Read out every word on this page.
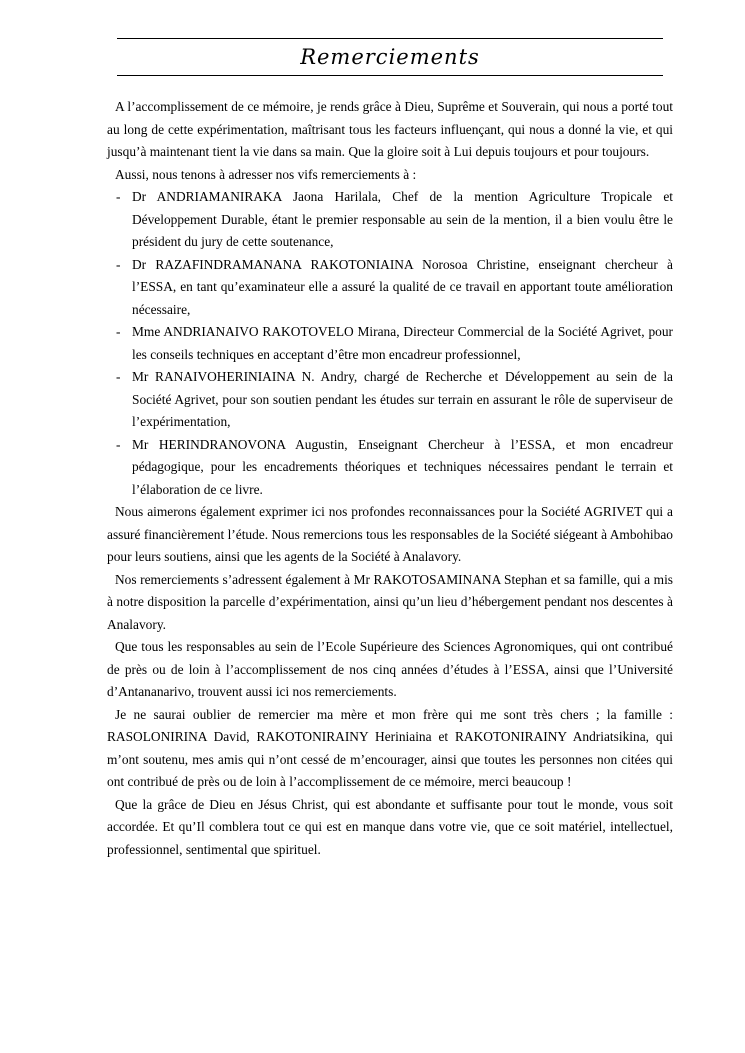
Remerciements

A l’accomplissement de ce mémoire, je rends grâce à Dieu, Suprême et Souverain, qui nous a porté tout au long de cette expérimentation, maîtrisant tous les facteurs influençant, qui nous a donné la vie, et qui jusqu’à maintenant tient la vie dans sa main. Que la gloire soit à Lui depuis toujours et pour toujours.

Aussi, nous tenons à adresser nos vifs remerciements à :

- Dr ANDRIAMANIRAKA Jaona Harilala, Chef de la mention Agriculture Tropicale et Développement Durable, étant le premier responsable au sein de la mention, il a bien voulu être le président du jury de cette soutenance,
- Dr RAZAFINDRAMANANA RAKOTONIAINA Norosoa Christine, enseignant chercheur à l’ESSA, en tant qu’examinateur elle a assuré la qualité de ce travail en apportant toute amélioration nécessaire,
- Mme ANDRIANAIVO RAKOTOVELO Mirana, Directeur Commercial de la Société Agrivet, pour les conseils techniques en acceptant d’être mon encadreur professionnel,
- Mr RANAIVOHERINIAINA N. Andry, chargé de Recherche et Développement au sein de la Société Agrivet, pour son soutien pendant les études sur terrain en assurant le rôle de superviseur de l’expérimentation,
- Mr HERINDRANOVONA Augustin, Enseignant Chercheur à l’ESSA, et mon encadreur pédagogique, pour les encadrements théoriques et techniques nécessaires pendant le terrain et l’élaboration de ce livre.

Nous aimerons également exprimer ici nos profondes reconnaissances pour la Société AGRIVET qui a assuré financièrement l’étude. Nous remercions tous les responsables de la Société siégeant à Ambohibao pour leurs soutiens, ainsi que les agents de la Société à Analavory.

Nos remerciements s’adressent également à Mr RAKOTOSAMINANA Stephan et sa famille, qui a mis à notre disposition la parcelle d’expérimentation, ainsi qu’un lieu d’hébergement pendant nos descentes à Analavory.

Que tous les responsables au sein de l’Ecole Supérieure des Sciences Agronomiques, qui ont contribué de près ou de loin à l’accomplissement de nos cinq années d’études à l’ESSA, ainsi que l’Université d’Antananarivo, trouvent aussi ici nos remerciements.

Je ne saurai oublier de remercier ma mère et mon frère qui me sont très chers ; la famille : RASOLONIRINA David, RAKOTONIRAINY Heriniaina et RAKOTONIRAINY Andriatsikina, qui m’ont soutenu, mes amis qui n’ont cessé de m’encourager, ainsi que toutes les personnes non citées qui ont contribué de près ou de loin à l’accomplissement de ce mémoire, merci beaucoup !

Que la grâce de Dieu en Jésus Christ, qui est abondante et suffisante pour tout le monde, vous soit accordée. Et qu’Il comblera tout ce qui est en manque dans votre vie, que ce soit matériel, intellectuel, professionnel, sentimental que spirituel.
